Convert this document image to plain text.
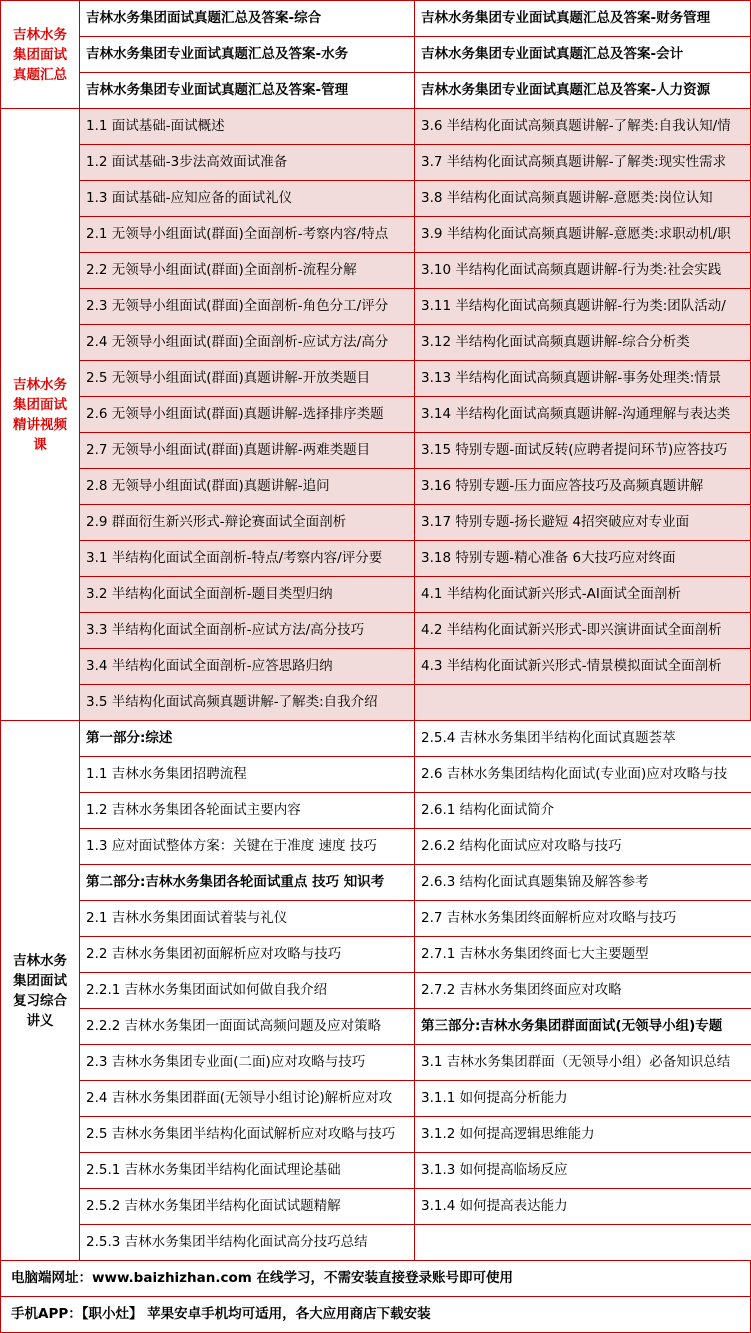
吉林水务集团面试真题汇总
吉林水务集团面试真题汇总及答案-综合	吉林水务集团专业面试真题汇总及答案-财务管理
吉林水务集团专业面试真题汇总及答案-水务	吉林水务集团专业面试真题汇总及答案-会计
吉林水务集团专业面试真题汇总及答案-管理	吉林水务集团专业面试真题汇总及答案-人力资源
吉林水务集团面试精讲视频课
1.1 面试基础-面试概述	3.6 半结构化面试高频真题讲解-了解类:自我认知/情
1.2 面试基础-3步法高效面试准备	3.7 半结构化面试高频真题讲解-了解类:现实性需求
1.3 面试基础-应知应备的面试礼仪	3.8 半结构化面试高频真题讲解-意愿类:岗位认知
2.1 无领导小组面试(群面)全面剖析-考察内容/特点	3.9 半结构化面试高频真题讲解-意愿类:求职动机/职
2.2 无领导小组面试(群面)全面剖析-流程分解	3.10 半结构化面试高频真题讲解-行为类:社会实践
2.3 无领导小组面试(群面)全面剖析-角色分工/评分	3.11 半结构化面试高频真题讲解-行为类:团队活动/
2.4 无领导小组面试(群面)全面剖析-应试方法/高分	3.12 半结构化面试高频真题讲解-综合分析类
2.5 无领导小组面试(群面)真题讲解-开放类题目	3.13 半结构化面试高频真题讲解-事务处理类:情景
2.6 无领导小组面试(群面)真题讲解-选择排序类题	3.14 半结构化面试高频真题讲解-沟通理解与表达类
2.7 无领导小组面试(群面)真题讲解-两难类题目	3.15 特别专题-面试反转(应聘者提问环节)应答技巧
2.8 无领导小组面试(群面)真题讲解-追问	3.16 特别专题-压力面应答技巧及高频真题讲解
2.9 群面衍生新兴形式-辩论赛面试全面剖析	3.17 特别专题-扬长避短 4招突破应对专业面
3.1 半结构化面试全面剖析-特点/考察内容/评分要	3.18 特别专题-精心准备 6大技巧应对终面
3.2 半结构化面试全面剖析-题目类型归纳	4.1 半结构化面试新兴形式-AI面试全面剖析
3.3 半结构化面试全面剖析-应试方法/高分技巧	4.2 半结构化面试新兴形式-即兴演讲面试全面剖析
3.4 半结构化面试全面剖析-应答思路归纳	4.3 半结构化面试新兴形式-情景模拟面试全面剖析
3.5 半结构化面试高频真题讲解-了解类:自我介绍
吉林水务集团面试复习综合讲义
第一部分:综述	2.5.4 吉林水务集团半结构化面试真题荟萃
1.1 吉林水务集团招聘流程	2.6 吉林水务集团结构化面试(专业面)应对攻略与技
1.2 吉林水务集团各轮面试主要内容	2.6.1 结构化面试简介
1.3 应对面试整体方案：关键在于准度 速度 技巧	2.6.2 结构化面试应对攻略与技巧
第二部分:吉林水务集团各轮面试重点 技巧 知识考	2.6.3 结构化面试真题集锦及解答参考
2.1 吉林水务集团面试着装与礼仪	2.7 吉林水务集团终面解析应对攻略与技巧
2.2 吉林水务集团初面解析应对攻略与技巧	2.7.1 吉林水务集团终面七大主要题型
2.2.1 吉林水务集团面试如何做自我介绍	2.7.2 吉林水务集团终面应对攻略
2.2.2 吉林水务集团一面面试高频问题及应对策略	第三部分:吉林水务集团群面面试(无领导小组)专题
2.3 吉林水务集团专业面(二面)应对攻略与技巧	3.1 吉林水务集团群面（无领导小组）必备知识总结
2.4 吉林水务集团群面(无领导小组讨论)解析应对攻	3.1.1 如何提高分析能力
2.5 吉林水务集团半结构化面试解析应对攻略与技巧	3.1.2 如何提高逻辑思维能力
2.5.1 吉林水务集团半结构化面试理论基础	3.1.3 如何提高临场反应
2.5.2 吉林水务集团半结构化面试试题精解	3.1.4 如何提高表达能力
2.5.3 吉林水务集团半结构化面试高分技巧总结
电脑端网址：www.baizhizhan.com 在线学习，不需安装直接登录账号即可使用
手机APP：【职小灶】 苹果安卓手机均可适用，各大应用商店下载安装
